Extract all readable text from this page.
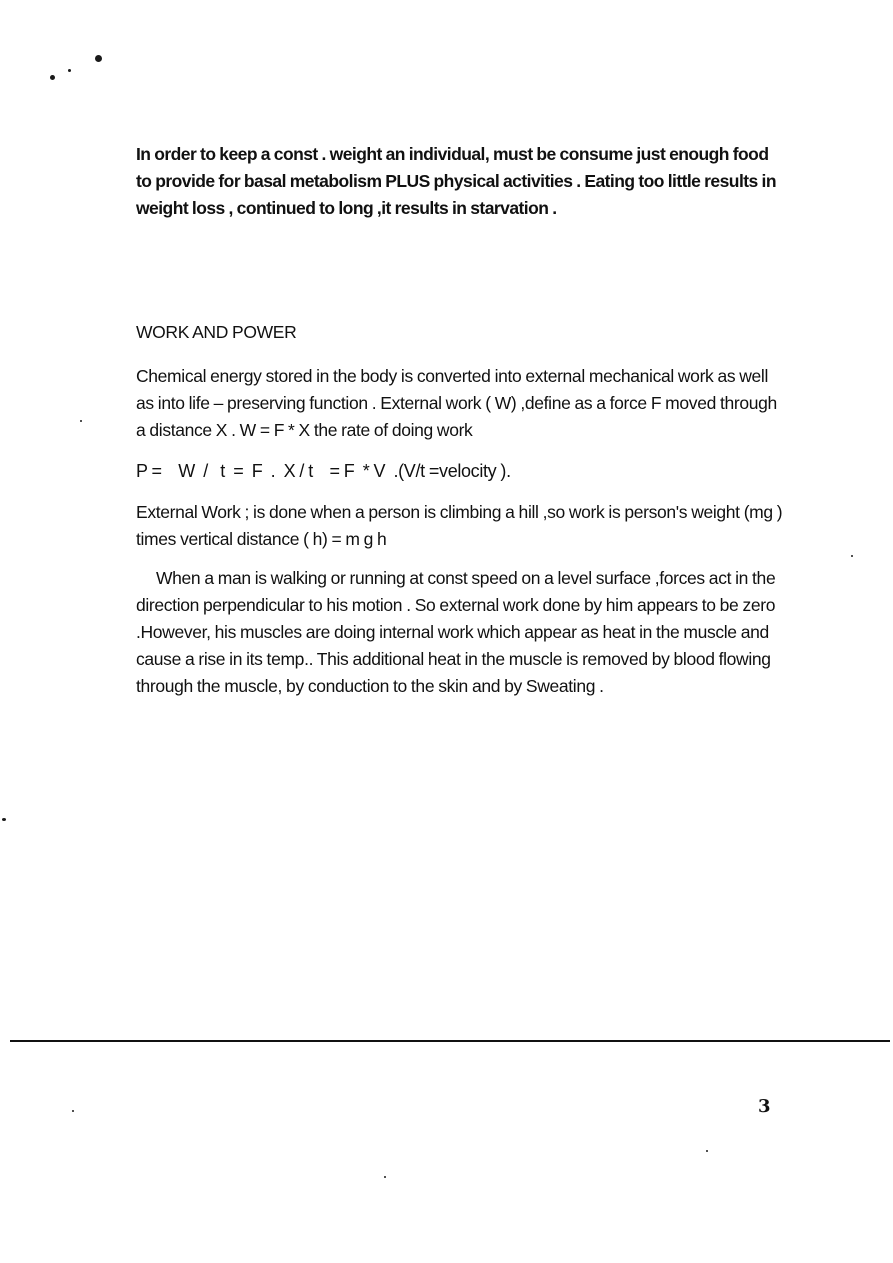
In order to keep a const . weight an individual, must be consume just enough food to provide for basal metabolism PLUS physical activities . Eating too little results in weight loss , continued to long ,it results in starvation .

WORK AND POWER

Chemical energy stored in the body is converted into external mechanical work as well as into life – preserving function . External work ( W) ,define as a force F moved through a distance X . W = F * X the rate of doing work

P =    W  /   t  =  F  .  X / t    = F  * V  .(V/t =velocity ).

External Work ; is done when a person is climbing a hill ,so work is person's weight (mg ) times vertical distance ( h) = m g h

When a man is walking or running at const speed on a level surface ,forces act in the direction perpendicular to his motion . So external work done by him appears to be zero .However, his muscles are doing internal work which appear as heat in the muscle and cause a rise in its temp.. This additional heat in the muscle is removed by blood flowing through the muscle, by conduction to the skin and by Sweating .

3
